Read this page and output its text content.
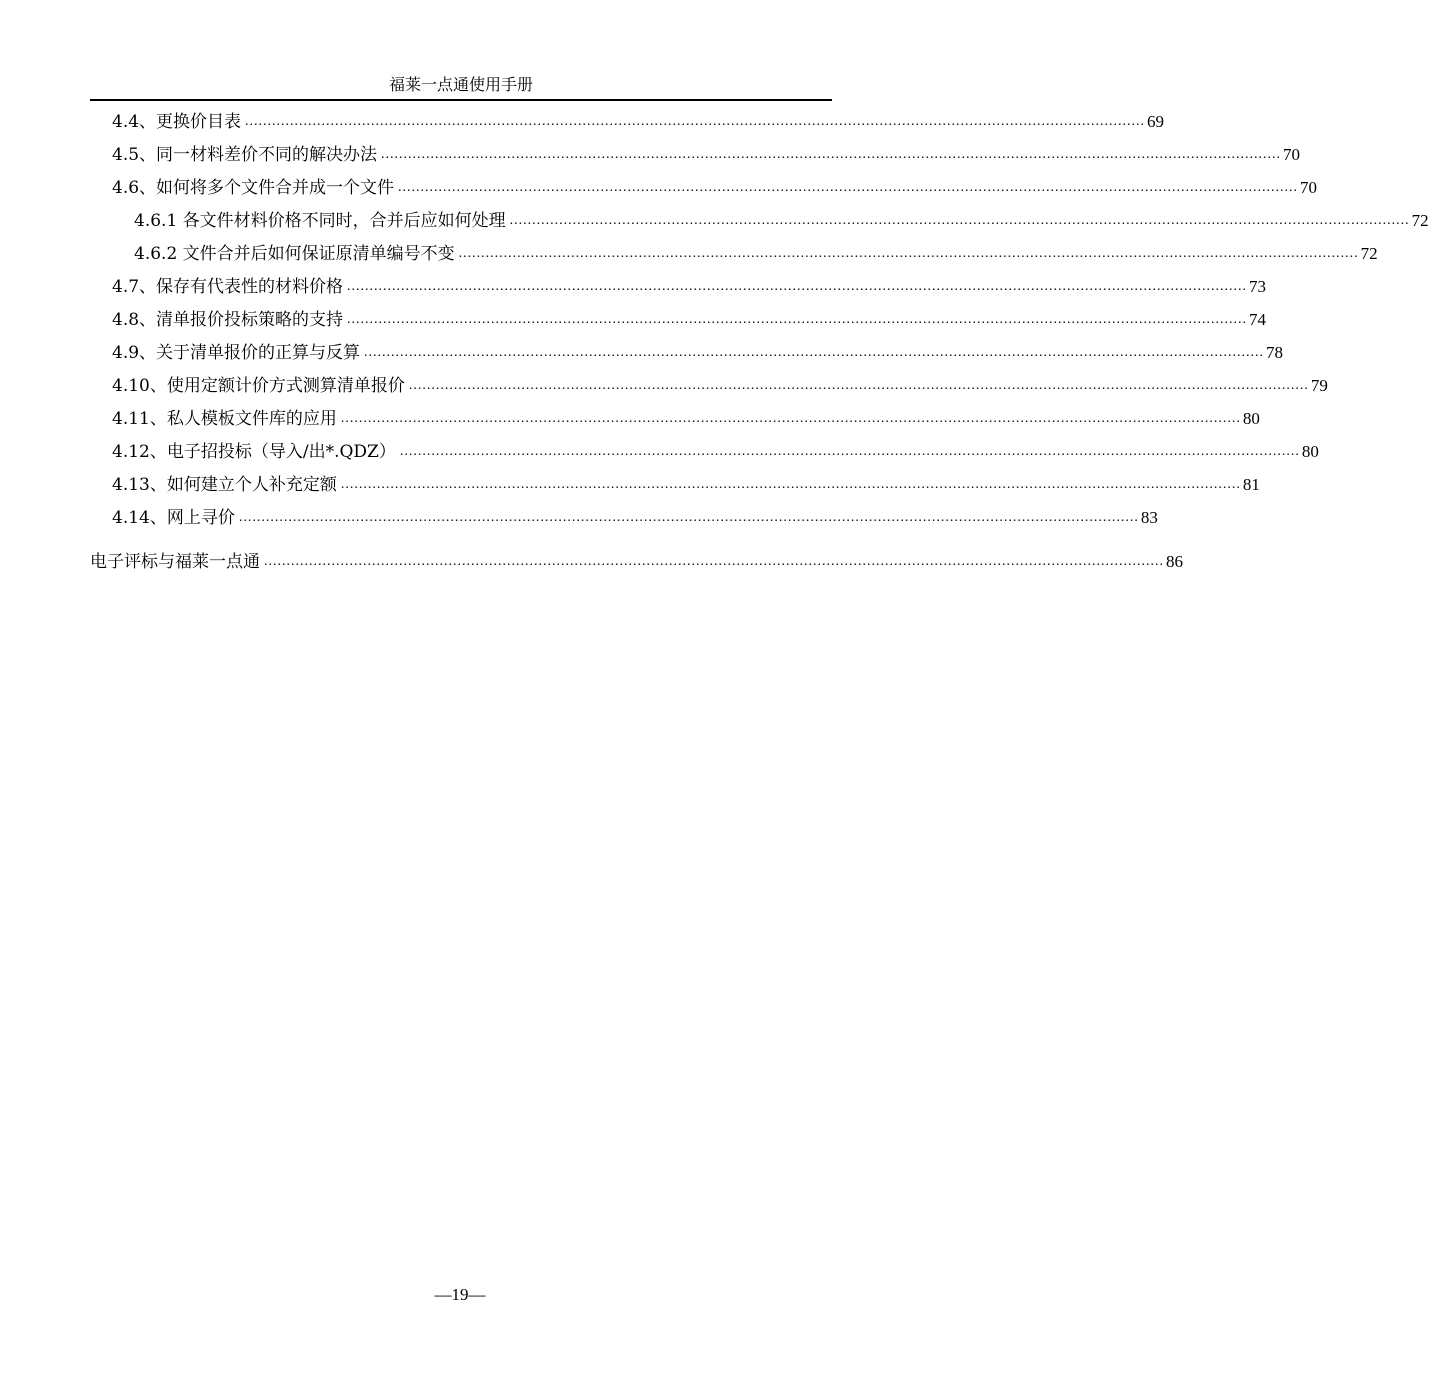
福莱一点通使用手册
4.4、更换价目表 ........................................................................................................................................................................................................ 69
4.5、同一材料差价不同的解决办法 ........................................................................................................................................................................................................ 70
4.6、如何将多个文件合并成一个文件 ........................................................................................................................................................................................................ 70
4.6.1 各文件材料价格不同时，合并后应如何处理 ........................................................................................................................................................................................................ 72
4.6.2 文件合并后如何保证原清单编号不变 ........................................................................................................................................................................................................ 72
4.7、保存有代表性的材料价格 ........................................................................................................................................................................................................ 73
4.8、清单报价投标策略的支持 ........................................................................................................................................................................................................ 74
4.9、关于清单报价的正算与反算 ........................................................................................................................................................................................................ 78
4.10、使用定额计价方式测算清单报价 ........................................................................................................................................................................................................ 79
4.11、私人模板文件库的应用 ........................................................................................................................................................................................................ 80
4.12、电子招投标（导入/出*.QDZ） ........................................................................................................................................................................................................ 80
4.13、如何建立个人补充定额 ........................................................................................................................................................................................................ 81
4.14、网上寻价 ........................................................................................................................................................................................................ 83
电子评标与福莱一点通 ........................................................................................................................................................................................................ 86
—19—
